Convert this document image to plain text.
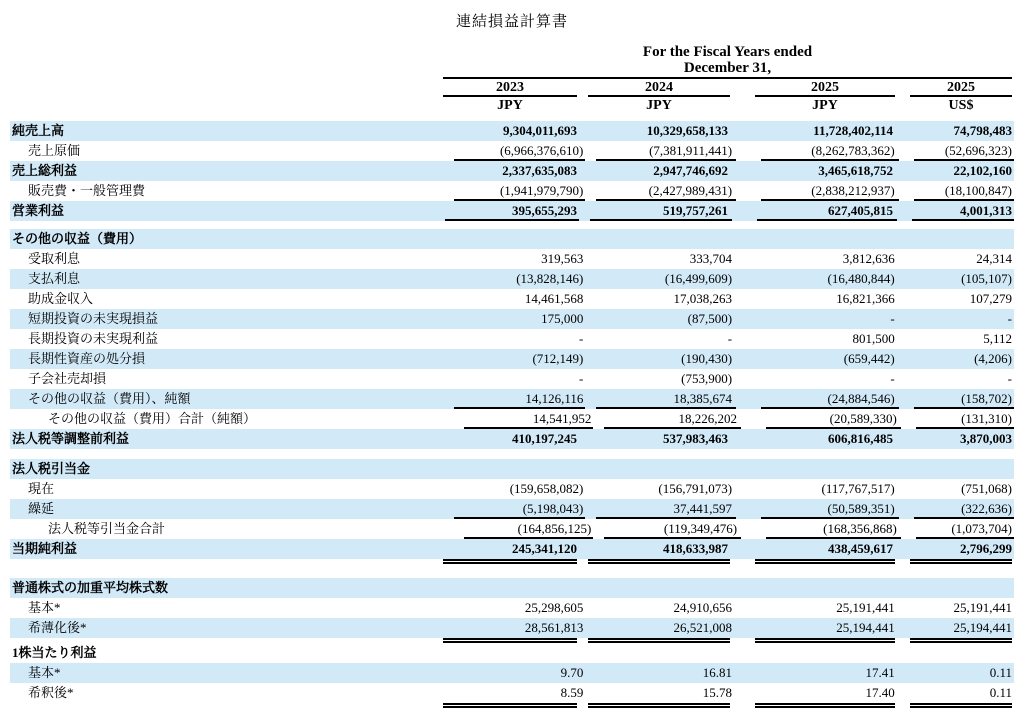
連結損益計算書
For the Fiscal Years ended
December 31,
2023	2024	2025	2025
JPY	JPY	JPY	US$
純売上高	9,304,011,693	10,329,658,133	11,728,402,114	74,798,483
売上原価	(6,966,376,610)	(7,381,911,441)	(8,262,783,362)	(52,696,323)
売上総利益	2,337,635,083	2,947,746,692	3,465,618,752	22,102,160
販売費・一般管理費	(1,941,979,790)	(2,427,989,431)	(2,838,212,937)	(18,100,847)
営業利益	395,655,293	519,757,261	627,405,815	4,001,313
その他の収益（費用）
受取利息	319,563	333,704	3,812,636	24,314
支払利息	(13,828,146)	(16,499,609)	(16,480,844)	(105,107)
助成金収入	14,461,568	17,038,263	16,821,366	107,279
短期投資の未実現損益	175,000	(87,500)	-	-
長期投資の未実現利益	-	-	801,500	5,112
長期性資産の処分損	(712,149)	(190,430)	(659,442)	(4,206)
子会社売却損	-	(753,900)	-	-
その他の収益（費用）、純額	14,126,116	18,385,674	(24,884,546)	(158,702)
その他の収益（費用）合計（純額）	14,541,952	18,226,202	(20,589,330)	(131,310)
法人税等調整前利益	410,197,245	537,983,463	606,816,485	3,870,003
法人税引当金
現在	(159,658,082)	(156,791,073)	(117,767,517)	(751,068)
繰延	(5,198,043)	37,441,597	(50,589,351)	(322,636)
法人税等引当金合計	(164,856,125)	(119,349,476)	(168,356,868)	(1,073,704)
当期純利益	245,341,120	418,633,987	438,459,617	2,796,299
普通株式の加重平均株式数
基本*	25,298,605	24,910,656	25,191,441	25,191,441
希薄化後*	28,561,813	26,521,008	25,194,441	25,194,441
1株当たり利益
基本*	9.70	16.81	17.41	0.11
希釈後*	8.59	15.78	17.40	0.11
